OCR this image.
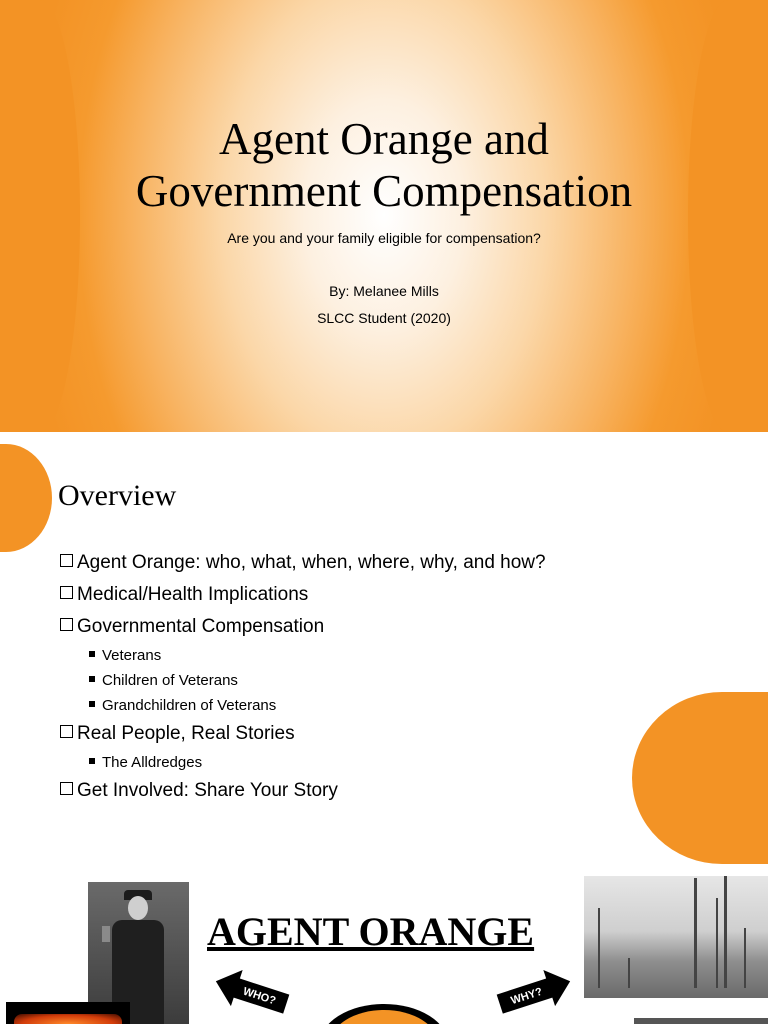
Agent Orange and
Government Compensation
Are you and your family eligible for compensation?
By: Melanee Mills
SLCC Student (2020)
Overview
Agent Orange: who, what, when, where, why, and how?
Medical/Health Implications
Governmental Compensation
Veterans
Children of Veterans
Grandchildren of Veterans
Real People, Real Stories
The Alldredges
Get Involved: Share Your Story
AGENT ORANGE
WHO?	WHY?
